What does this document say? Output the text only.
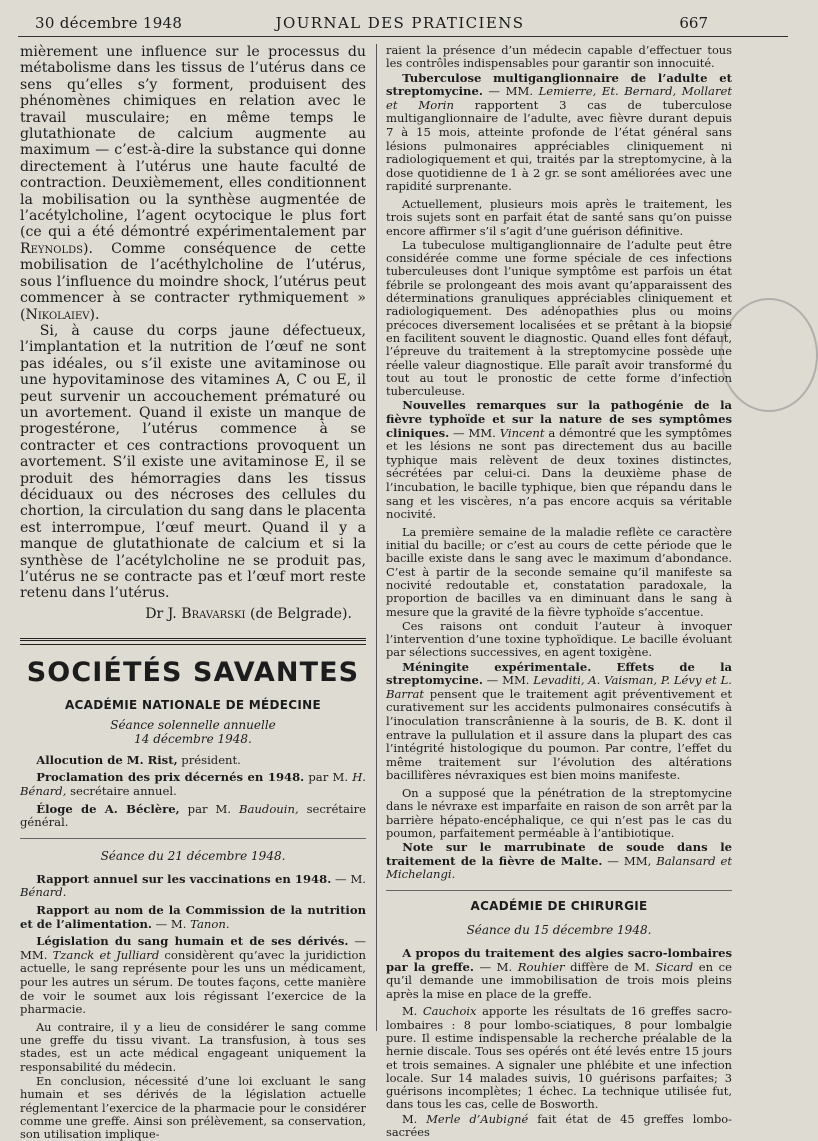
30 décembre 1948	JOURNAL DES PRATICIENS	667

mièrement une influence sur le processus du métabolisme dans les tissus de l’utérus dans ce sens qu’elles s’y forment, produisent des phénomènes chimiques en relation avec le travail musculaire; en même temps le glutathionate de calcium augmente au maximum — c’est-à-dire la substance qui donne directement à l’utérus une haute faculté de contraction. Deuxièmement, elles conditionnent la mobilisation ou la synthèse augmentée de l’acétylcholine, l’agent ocytocique le plus fort (ce qui a été démontré expérimentalement par Reynolds). Comme conséquence de cette mobilisation de l’acéthylcholine de l’utérus, sous l’influence du moindre shock, l’utérus peut commencer à se contracter rythmiquement » (Nikolaiev).

Si, à cause du corps jaune défectueux, l’implantation et la nutrition de l’œuf ne sont pas idéales, ou s’il existe une avitaminose ou une hypovitaminose des vitamines A, C ou E, il peut survenir un accouchement prématuré ou un avortement. Quand il existe un manque de progestérone, l’utérus commence à se contracter et ces contractions provoquent un avortement. S’il existe une avitaminose E, il se produit des hémorragies dans les tissus déciduaux ou des nécroses des cellules du chortion, la circulation du sang dans le placenta est interrompue, l’œuf meurt. Quand il y a manque de glutathionate de calcium et si la synthèse de l’acétylcholine ne se produit pas, l’utérus ne se contracte pas et l’œuf mort reste retenu dans l’utérus.

Dr J. Bravarski (de Belgrade).

SOCIÉTÉS SAVANTES
ACADÉMIE NATIONALE DE MÉDECINE
Séance solennelle annuelle
14 décembre 1948.

Allocution de M. Rist, président.

Proclamation des prix décernés en 1948. par M. H. Bénard, secrétaire annuel.

Éloge de A. Béclère, par M. Baudouin, secrétaire général.

Séance du 21 décembre 1948.

Rapport annuel sur les vaccinations en 1948. — M. Bénard.

Rapport au nom de la Commission de la nutrition et de l’alimentation. — M. Tanon.

Législation du sang humain et de ses dérivés. — MM. Tzanck et Julliard considèrent qu’avec la juridiction actuelle, le sang représente pour les uns un médicament, pour les autres un sérum. De toutes façons, cette manière de voir le soumet aux lois régissant l’exercice de la pharmacie.

Au contraire, il y a lieu de considérer le sang comme une greffe du tissu vivant. La transfusion, à tous ses stades, est un acte médical engageant uniquement la responsabilité du médecin.

En conclusion, nécessité d’une loi excluant le sang humain et ses dérivés de la législation actuelle réglementant l’exercice de la pharmacie pour le considérer comme une greffe. Ainsi son prélèvement, sa conservation, son utilisation implique-

raient la présence d’un médecin capable d’effectuer tous les contrôles indispensables pour garantir son innocuité.

Tuberculose multiganglionnaire de l’adulte et streptomycine. — MM. Lemierre, Et. Bernard, Mollaret et Morin rapportent 3 cas de tuberculose multiganglionnaire de l’adulte, avec fièvre durant depuis 7 à 15 mois, atteinte profonde de l’état général sans lésions pulmonaires appréciables cliniquement ni radiologiquement et qui, traités par la streptomycine, à la dose quotidienne de 1 à 2 gr. se sont améliorées avec une rapidité surprenante.

Actuellement, plusieurs mois après le traitement, les trois sujets sont en parfait état de santé sans qu’on puisse encore affirmer s’il s’agit d’une guérison définitive.

La tubeculose multiganglionnaire de l’adulte peut être considérée comme une forme spéciale de ces infections tuberculeuses dont l’unique symptôme est parfois un état fébrile se prolongeant des mois avant qu’apparaissent des déterminations granuliques appréciables cliniquement et radiologiquement. Des adénopathies plus ou moins précoces diversement localisées et se prêtant à la biopsie en facilitent souvent le diagnostic. Quand elles font défaut, l’épreuve du traitement à la streptomycine possède une réelle valeur diagnostique. Elle paraît avoir transformé du tout au tout le pronostic de cette forme d’infection tuberculeuse.

Nouvelles remarques sur la pathogénie de la fièvre typhoïde et sur la nature de ses symptômes cliniques. — MM. Vincent a démontré que les symptômes et les lésions ne sont pas directement dus au bacille typhique mais relèvent de deux toxines distinctes, sécrétées par celui-ci. Dans la deuxième phase de l’incubation, le bacille typhique, bien que répandu dans le sang et les viscères, n’a pas encore acquis sa véritable nocivité.

La première semaine de la maladie reflète ce caractère initial du bacille; or c’est au cours de cette période que le bacille existe dans le sang avec le maximum d’abondance. C’est à partir de la seconde semaine qu’il manifeste sa nocivité redoutable et, constatation paradoxale, la proportion de bacilles va en diminuant dans le sang à mesure que la gravité de la fièvre typhoïde s’accentue.

Ces raisons ont conduit l’auteur à invoquer l’intervention d’une toxine typhoïdique. Le bacille évoluant par sélections successives, en agent toxigène.

Méningite expérimentale. Effets de la streptomycine. — MM. Levaditi, A. Vaisman, P. Lévy et L. Barrat pensent que le traitement agit préventivement et curativement sur les accidents pulmonaires consécutifs à l’inoculation transcrânienne à la souris, de B. K. dont il entrave la pullulation et il assure dans la plupart des cas l’intégrité histologique du poumon. Par contre, l’effet du même traitement sur l’évolution des altérations bacillifères névraxiques est bien moins manifeste.

On a supposé que la pénétration de la streptomycine dans le névraxe est imparfaite en raison de son arrêt par la barrière hépato-encéphalique, ce qui n’est pas le cas du poumon, parfaitement perméable à l’antibiotique.

Note sur le marrubinate de soude dans le traitement de la fièvre de Malte. — MM, Balansard et Michelangi.

ACADÉMIE DE CHIRURGIE
Séance du 15 décembre 1948.

A propos du traitement des algies sacro-lombaires par la greffe. — M. Rouhier diffère de M. Sicard en ce qu’il demande une immobilisation de trois mois pleins après la mise en place de la greffe.

M. Cauchoix apporte les résultats de 16 greffes sacro-lombaires : 8 pour lombo-sciatiques, 8 pour lombalgie pure. Il estime indispensable la recherche préalable de la hernie discale. Tous ses opérés ont été levés entre 15 jours et trois semaines. A signaler une phlébite et une infection locale. Sur 14 malades suivis, 10 guérisons parfaites; 3 guérisons incomplètes; 1 échec. La technique utilisée fut, dans tous les cas, celle de Bosworth.

M. Merle d’Aubigné fait état de 45 greffes lombo-sacrées
